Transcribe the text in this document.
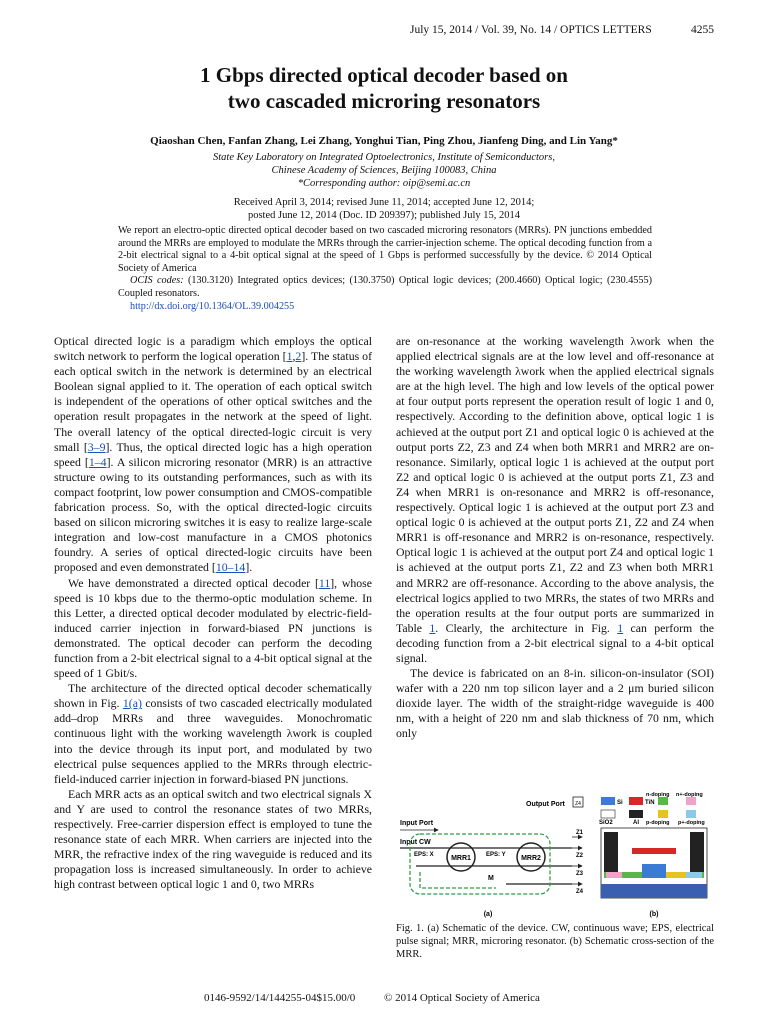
July 15, 2014 / Vol. 39, No. 14 / OPTICS LETTERS	4255
1 Gbps directed optical decoder based on
two cascaded microring resonators
Qiaoshan Chen, Fanfan Zhang, Lei Zhang, Yonghui Tian, Ping Zhou, Jianfeng Ding, and Lin Yang*
State Key Laboratory on Integrated Optoelectronics, Institute of Semiconductors,
Chinese Academy of Sciences, Beijing 100083, China
*Corresponding author: oip@semi.ac.cn
Received April 3, 2014; revised June 11, 2014; accepted June 12, 2014;
posted June 12, 2014 (Doc. ID 209397); published July 15, 2014
We report an electro-optic directed optical decoder based on two cascaded microring resonators (MRRs). PN junctions embedded around the MRRs are employed to modulate the MRRs through the carrier-injection scheme. The optical decoding function from a 2-bit electrical signal to a 4-bit optical signal at the speed of 1 Gbps is performed successfully by the device. © 2014 Optical Society of America
OCIS codes: (130.3120) Integrated optics devices; (130.3750) Optical logic devices; (200.4660) Optical logic; (230.4555) Coupled resonators.
http://dx.doi.org/10.1364/OL.39.004255

Optical directed logic is a paradigm which employs the optical switch network to perform the logical operation [1,2]. The status of each optical switch in the network is determined by an electrical Boolean signal applied to it. The operation of each optical switch is independent of the operations of other optical switches and the operation result propagates in the network at the speed of light. The overall latency of the optical directed-logic circuit is very small [3–9]. Thus, the optical directed logic has a high operation speed [1–4]. A silicon microring resonator (MRR) is an attractive structure owing to its outstanding performances, such as with its compact footprint, low power consumption and CMOS-compatible fabrication process. So, with the optical directed-logic circuits based on silicon microring switches it is easy to realize large-scale integration and low-cost manufacture in a CMOS photonics foundry. A series of optical directed-logic circuits have been proposed and even demonstrated [10–14].

We have demonstrated a directed optical decoder [11], whose speed is 10 kbps due to the thermo-optic modulation scheme. In this Letter, a directed optical decoder modulated by electric-field-induced carrier injection in forward-biased PN junctions is demonstrated. The optical decoder can perform the decoding function from a 2-bit electrical signal to a 4-bit optical signal at the speed of 1 Gbit/s.

The architecture of the directed optical decoder schematically shown in Fig. 1(a) consists of two cascaded electrically modulated add–drop MRRs and three waveguides. Monochromatic continuous light with the working wavelength λwork is coupled into the device through its input port, and modulated by two electrical pulse sequences applied to the MRRs through electric-field-induced carrier injection in forward-biased PN junctions.

Each MRR acts as an optical switch and two electrical signals X and Y are used to control the resonance states of two MRRs, respectively. Free-carrier dispersion effect is employed to tune the resonance state of each MRR. When carriers are injected into the MRR, the refractive index of the ring waveguide is reduced and its propagation loss is increased simultaneously. In order to achieve high contrast between optical logic 1 and 0, two MRRs

are on-resonance at the working wavelength λwork when the applied electrical signals are at the low level and off-resonance at the working wavelength λwork when the applied electrical signals are at the high level. The high and low levels of the optical power at four output ports represent the operation result of logic 1 and 0, respectively. According to the definition above, optical logic 1 is achieved at the output port Z1 and optical logic 0 is achieved at the output ports Z2, Z3 and Z4 when both MRR1 and MRR2 are on-resonance. Similarly, optical logic 1 is achieved at the output port Z2 and optical logic 0 is achieved at the output ports Z1, Z3 and Z4 when MRR1 is on-resonance and MRR2 is off-resonance, respectively. Optical logic 1 is achieved at the output port Z3 and optical logic 0 is achieved at the output ports Z1, Z2 and Z4 when MRR1 is off-resonance and MRR2 is on-resonance, respectively. Optical logic 1 is achieved at the output port Z4 and optical logic 1 is achieved at the output ports Z1, Z2 and Z3 when both MRR1 and MRR2 are off-resonance. According to the above analysis, the electrical logics applied to two MRRs, the states of two MRRs and the operation results at the four output ports are summarized in Table 1. Clearly, the architecture in Fig. 1 can perform the decoding function from a 2-bit electrical signal to a 4-bit optical signal.

The device is fabricated on an 8-in. silicon-on-insulator (SOI) wafer with a 220 nm top silicon layer and a 2 μm buried silicon dioxide layer. The width of the straight-ridge waveguide is 400 nm, with a height of 220 nm and slab thickness of 70 nm, which only

Output Port Z4
Input Port
Input CW
MRR1	MRR2
EPS: X	EPS: Y
M
Z1
Z2
Z3
Z4
(a)
Si	TiN
n-doping n+-doping
SiO2	Al p-doping p+-doping
(b)
Fig. 1. (a) Schematic of the device. CW, continuous wave; EPS, electrical pulse signal; MRR, microring resonator. (b) Schematic cross-section of the MRR.
0146-9592/14/144255-04$15.00/0	© 2014 Optical Society of America
